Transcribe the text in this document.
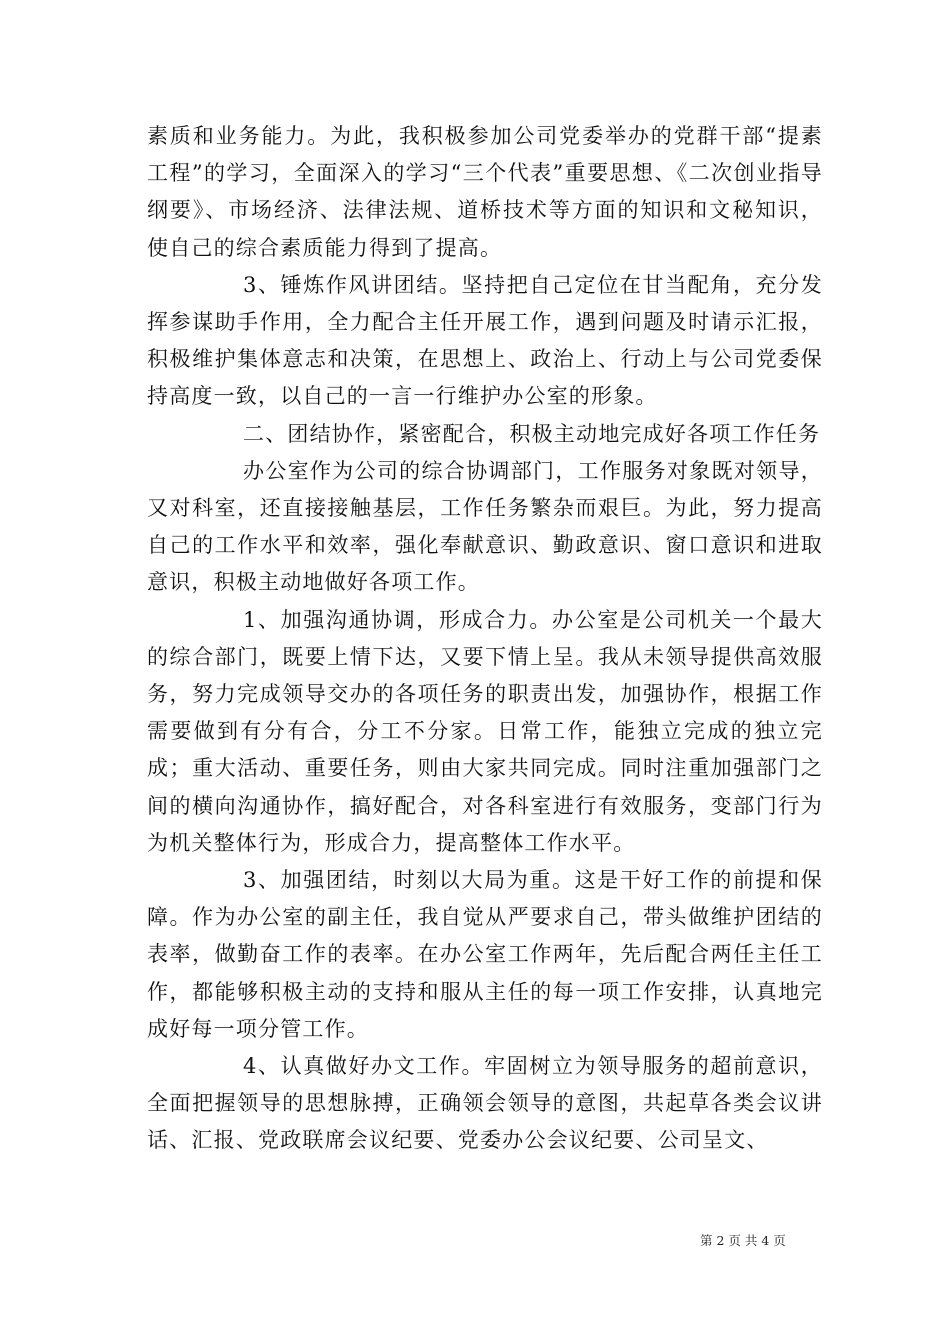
素质和业务能力。为此，我积极参加公司党委举办的党群干部“提素工程”的学习，全面深入的学习“三个代表”重要思想、《二次创业指导纲要》、市场经济、法律法规、道桥技术等方面的知识和文秘知识，使自己的综合素质能力得到了提高。

3、锤炼作风讲团结。坚持把自己定位在甘当配角，充分发挥参谋助手作用，全力配合主任开展工作，遇到问题及时请示汇报，积极维护集体意志和决策，在思想上、政治上、行动上与公司党委保持高度一致，以自己的一言一行维护办公室的形象。

二、团结协作，紧密配合，积极主动地完成好各项工作任务

办公室作为公司的综合协调部门，工作服务对象既对领导，又对科室，还直接接触基层，工作任务繁杂而艰巨。为此，努力提高自己的工作水平和效率，强化奉献意识、勤政意识、窗口意识和进取意识，积极主动地做好各项工作。

1、加强沟通协调，形成合力。办公室是公司机关一个最大的综合部门，既要上情下达，又要下情上呈。我从未领导提供高效服务，努力完成领导交办的各项任务的职责出发，加强协作，根据工作需要做到有分有合，分工不分家。日常工作，能独立完成的独立完成；重大活动、重要任务，则由大家共同完成。同时注重加强部门之间的横向沟通协作，搞好配合，对各科室进行有效服务，变部门行为为机关整体行为，形成合力，提高整体工作水平。

3、加强团结，时刻以大局为重。这是干好工作的前提和保障。作为办公室的副主任，我自觉从严要求自己，带头做维护团结的表率，做勤奋工作的表率。在办公室工作两年，先后配合两任主任工作，都能够积极主动的支持和服从主任的每一项工作安排，认真地完成好每一项分管工作。

4、认真做好办文工作。牢固树立为领导服务的超前意识，全面把握领导的思想脉搏，正确领会领导的意图，共起草各类会议讲话、汇报、党政联席会议纪要、党委办公会议纪要、公司呈文、

第 2 页 共 4 页
